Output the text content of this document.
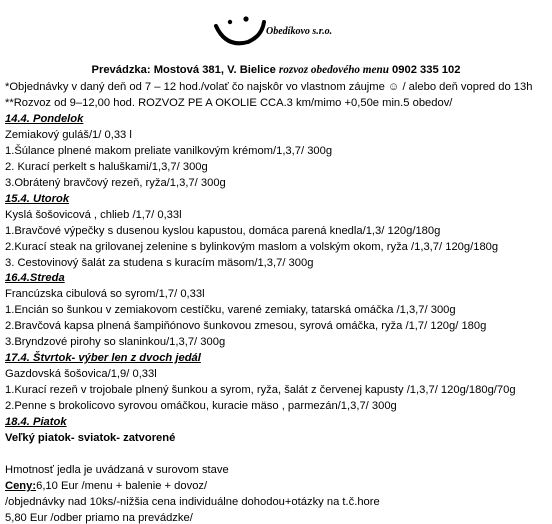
Obedíkovo s.r.o.
Prevádzka: Mostová 381, V. Bielice rozvoz obedového menu 0902 335 102
*Objednávky v daný deň od 7 – 12 hod./volať čo najskôr vo vlastnom záujme ☺ / alebo deň vopred do 13h
**Rozvoz od 9–12,00 hod. ROZVOZ PE A OKOLIE CCA.3 km/mimo +0,50e min.5 obedov/
14.4. Pondelok
Zemiakový guláš/1/ 0,33 l
1.Šúlance plnené makom preliate vanilkovým krémom/1,3,7/ 300g
2. Kurací perkelt s haluškami/1,3,7/ 300g
3.Obrátený bravčový rezeň, ryža/1,3,7/ 300g
15.4. Utorok
Kyslá šošovicová , chlieb /1,7/ 0,33l
1.Bravčové výpečky s dusenou kyslou kapustou, domáca parená knedla/1,3/ 120g/180g
2.Kurací steak na grilovanej zelenine s bylinkovým maslom a volským okom, ryža /1,3,7/ 120g/180g
3. Cestovinový šalát za studena s kuracím mäsom/1,3,7/ 300g
16.4.Streda
Francúzska cibulová so syrom/1,7/ 0,33l
1.Encián so šunkou v zemiakovom cestíčku, varené zemiaky, tatarská omáčka /1,3,7/ 300g
2.Bravčová kapsa plnená šampiňónovo šunkovou zmesou, syrová omáčka, ryža /1,7/ 120g/ 180g
3.Bryndzové pirohy so slaninkou/1,3,7/ 300g
17.4. Štvrtok- výber len z dvoch jedál
Gazdovská šošovica/1,9/ 0,33l
1.Kurací rezeň v trojobale plnený šunkou a syrom, ryža, šalát z červenej kapusty /1,3,7/ 120g/180g/70g
2.Penne s brokolicovo syrovou omáčkou, kuracie mäso , parmezán/1,3,7/ 300g
18.4. Piatok
Veľký piatok- sviatok- zatvorené
Hmotnosť jedla je uvádzaná v surovom stave
Ceny:6,10 Eur /menu + balenie + dovoz/
/objednávky nad 10ks/-nižšia cena individuálne dohodou+otázky na t.č.hore
5,80 Eur /odber priamo na prevádzke/
